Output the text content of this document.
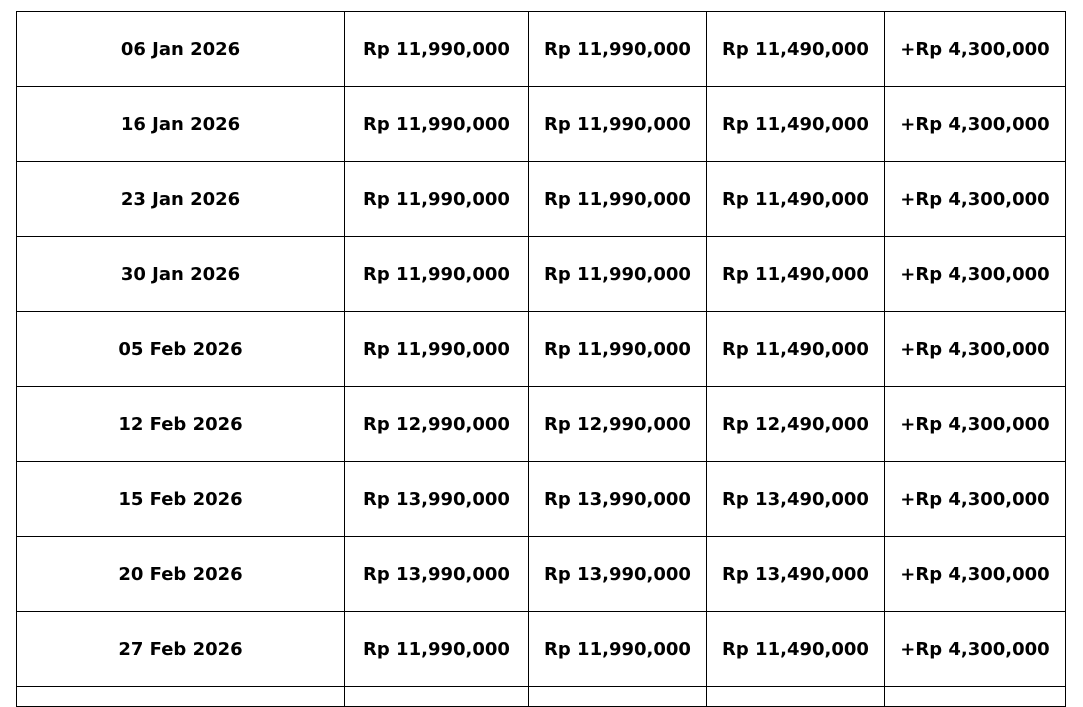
06 Jan 2026	Rp 11,990,000	Rp 11,990,000	Rp 11,490,000	+Rp 4,300,000
16 Jan 2026	Rp 11,990,000	Rp 11,990,000	Rp 11,490,000	+Rp 4,300,000
23 Jan 2026	Rp 11,990,000	Rp 11,990,000	Rp 11,490,000	+Rp 4,300,000
30 Jan 2026	Rp 11,990,000	Rp 11,990,000	Rp 11,490,000	+Rp 4,300,000
05 Feb 2026	Rp 11,990,000	Rp 11,990,000	Rp 11,490,000	+Rp 4,300,000
12 Feb 2026	Rp 12,990,000	Rp 12,990,000	Rp 12,490,000	+Rp 4,300,000
15 Feb 2026	Rp 13,990,000	Rp 13,990,000	Rp 13,490,000	+Rp 4,300,000
20 Feb 2026	Rp 13,990,000	Rp 13,990,000	Rp 13,490,000	+Rp 4,300,000
27 Feb 2026	Rp 11,990,000	Rp 11,990,000	Rp 11,490,000	+Rp 4,300,000
